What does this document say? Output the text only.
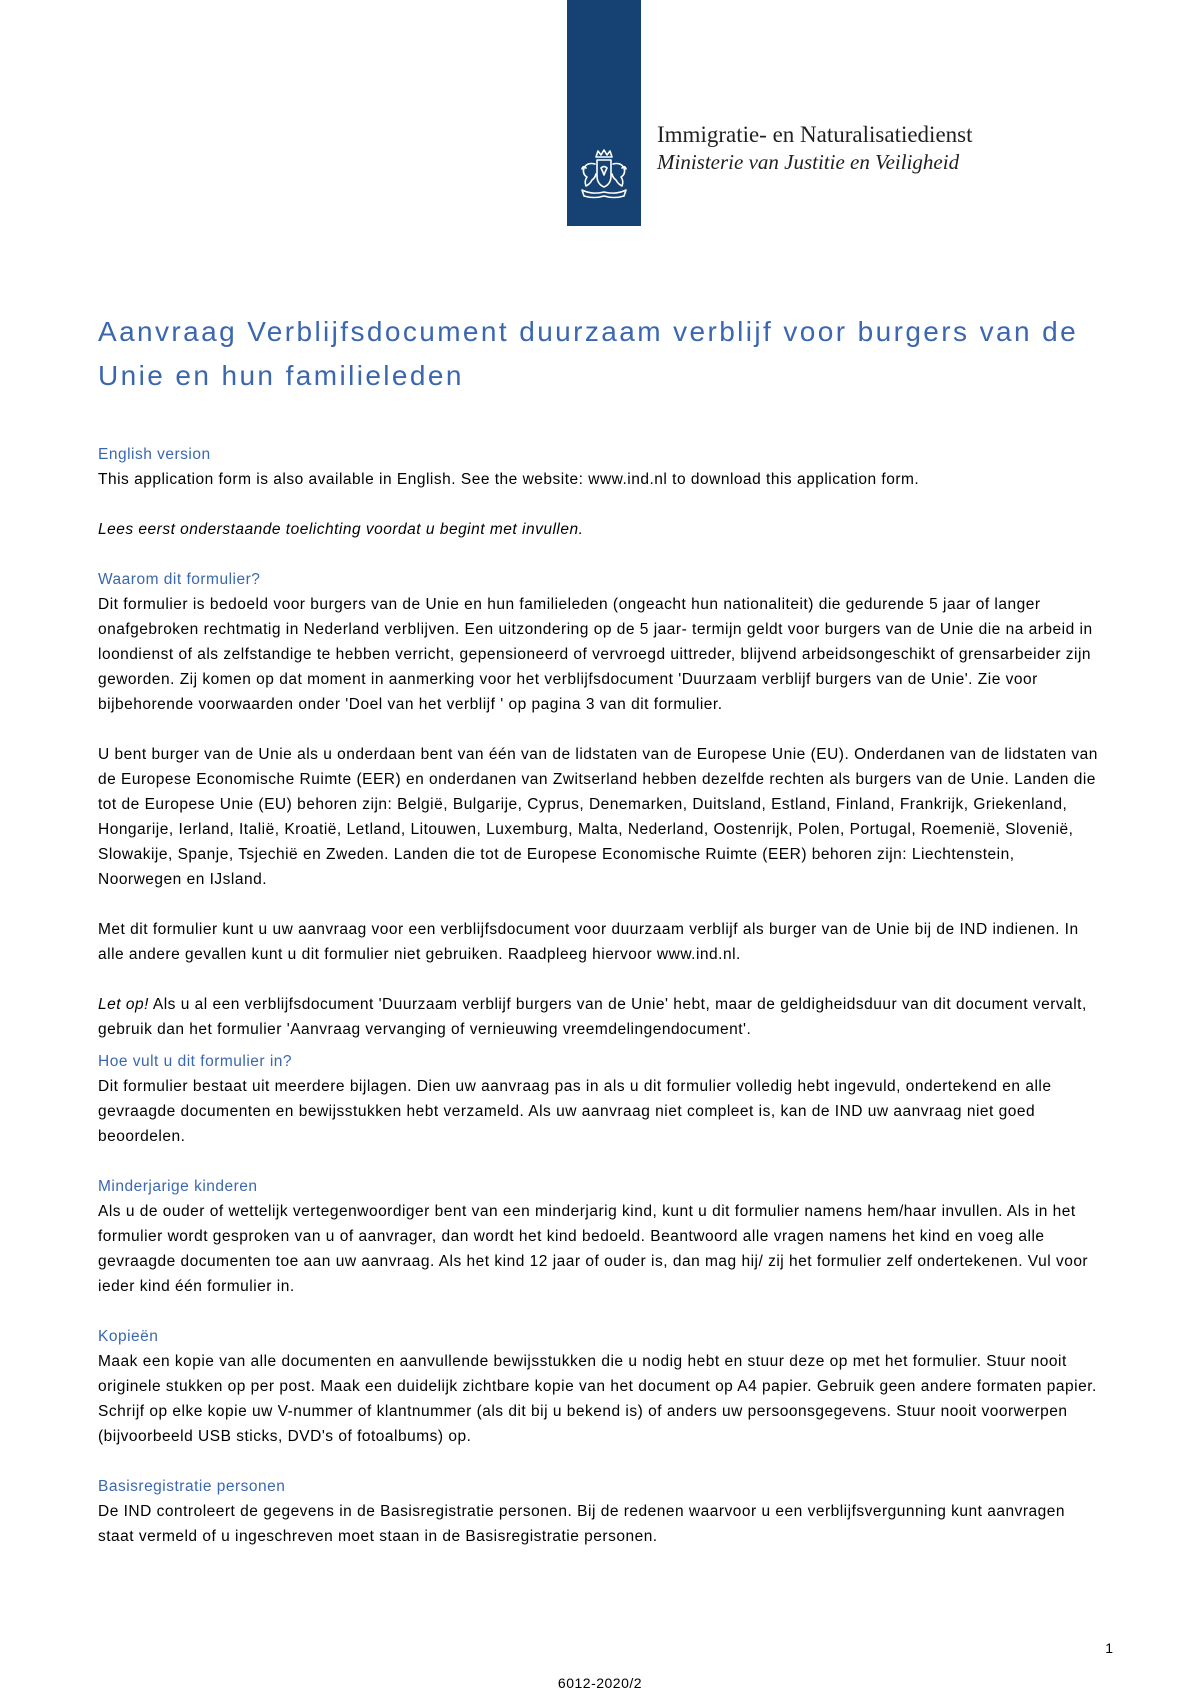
Immigratie- en Naturalisatiedienst
Ministerie van Justitie en Veiligheid
Aanvraag Verblijfsdocument duurzaam verblijf voor burgers van de Unie en hun familieleden
English version

This application form is also available in English. See the website: www.ind.nl to download this application form.

Lees eerst onderstaande toelichting voordat u begint met invullen.

Waarom dit formulier?

Dit formulier is bedoeld voor burgers van de Unie en hun familieleden (ongeacht hun nationaliteit) die gedurende 5 jaar of langer onafgebroken rechtmatig in Nederland verblijven. Een uitzondering op de 5 jaar- termijn geldt voor burgers van de Unie die na arbeid in loondienst of als zelfstandige te hebben verricht, gepensioneerd of vervroegd uittreder, blijvend arbeidsongeschikt of grensarbeider zijn geworden. Zij komen op dat moment in aanmerking voor het verblijfsdocument 'Duurzaam verblijf burgers van de Unie'. Zie voor bijbehorende voorwaarden onder 'Doel van het verblijf ' op pagina 3 van dit formulier.

U bent burger van de Unie als u onderdaan bent van één van de lidstaten van de Europese Unie (EU). Onderdanen van de lidstaten van de Europese Economische Ruimte (EER) en onderdanen van Zwitserland hebben dezelfde rechten als burgers van de Unie. Landen die tot de Europese Unie (EU) behoren zijn: België, Bulgarije, Cyprus, Denemarken, Duitsland, Estland, Finland, Frankrijk, Griekenland, Hongarije, Ierland, Italië, Kroatië, Letland, Litouwen, Luxemburg, Malta, Nederland, Oostenrijk, Polen, Portugal, Roemenië, Slovenië, Slowakije, Spanje, Tsjechië en Zweden. Landen die tot de Europese Economische Ruimte (EER) behoren zijn: Liechtenstein, Noorwegen en IJsland.

Met dit formulier kunt u uw aanvraag voor een verblijfsdocument voor duurzaam verblijf als burger van de Unie bij de IND indienen. In alle andere gevallen kunt u dit formulier niet gebruiken. Raadpleeg hiervoor www.ind.nl.

Let op! Als u al een verblijfsdocument 'Duurzaam verblijf burgers van de Unie' hebt, maar de geldigheidsduur van dit document vervalt, gebruik dan het formulier 'Aanvraag vervanging of vernieuwing vreemdelingendocument'.

Hoe vult u dit formulier in?

Dit formulier bestaat uit meerdere bijlagen. Dien uw aanvraag pas in als u dit formulier volledig hebt ingevuld, ondertekend en alle gevraagde documenten en bewijsstukken hebt verzameld. Als uw aanvraag niet compleet is, kan de IND uw aanvraag niet goed beoordelen.

Minderjarige kinderen

Als u de ouder of wettelijk vertegenwoordiger bent van een minderjarig kind, kunt u dit formulier namens hem/haar invullen. Als in het formulier wordt gesproken van u of aanvrager, dan wordt het kind bedoeld. Beantwoord alle vragen namens het kind en voeg alle gevraagde documenten toe aan uw aanvraag. Als het kind 12 jaar of ouder is, dan mag hij/ zij het formulier zelf ondertekenen. Vul voor ieder kind één formulier in.

Kopieën

Maak een kopie van alle documenten en aanvullende bewijsstukken die u nodig hebt en stuur deze op met het formulier. Stuur nooit originele stukken op per post. Maak een duidelijk zichtbare kopie van het document op A4 papier. Gebruik geen andere formaten papier. Schrijf op elke kopie uw V-nummer of klantnummer (als dit bij u bekend is) of anders uw persoonsgegevens. Stuur nooit voorwerpen (bijvoorbeeld USB sticks, DVD's of fotoalbums) op.

Basisregistratie personen

De IND controleert de gegevens in de Basisregistratie personen. Bij de redenen waarvoor u een verblijfsvergunning kunt aanvragen staat vermeld of u ingeschreven moet staan in de Basisregistratie personen.

1
6012-2020/2
